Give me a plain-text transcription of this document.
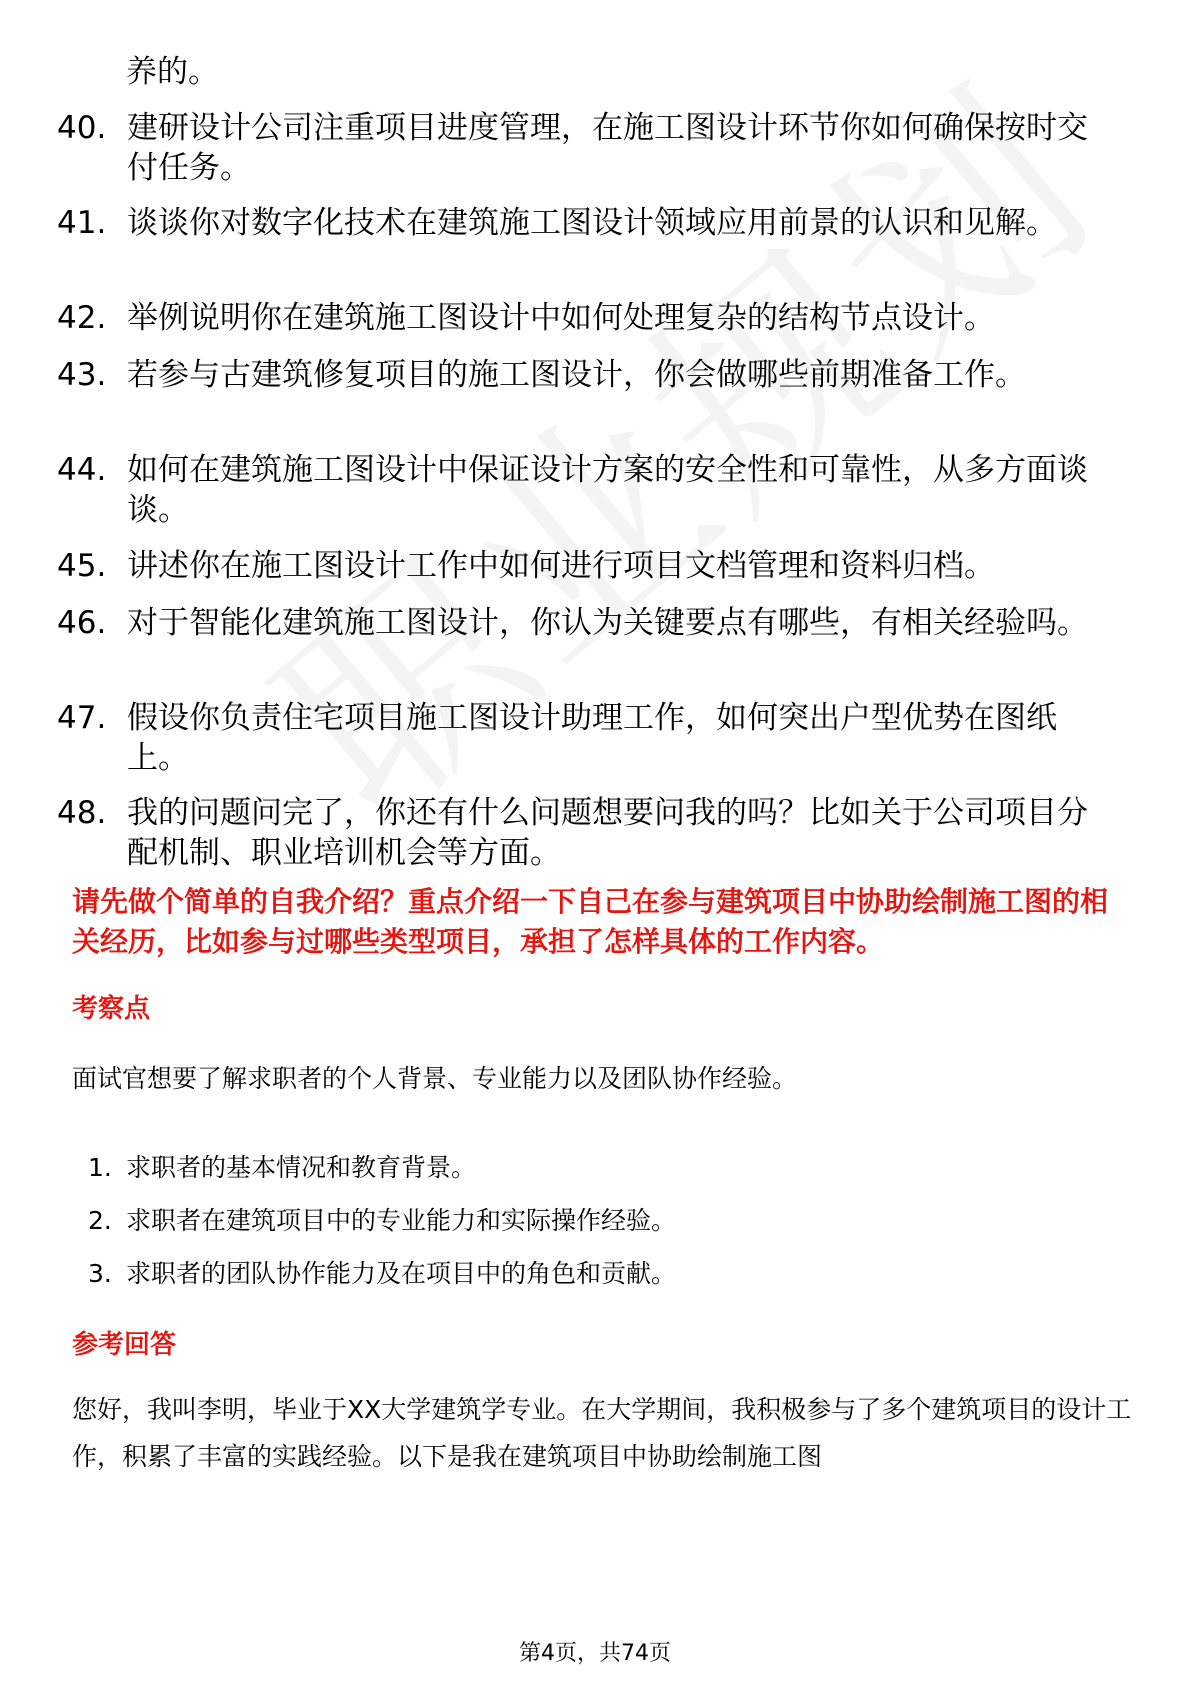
养的。
40. 建研设计公司注重项目进度管理，在施工图设计环节你如何确保按时交付任务。
41. 谈谈你对数字化技术在建筑施工图设计领域应用前景的认识和见解。
42. 举例说明你在建筑施工图设计中如何处理复杂的结构节点设计。
43. 若参与古建筑修复项目的施工图设计，你会做哪些前期准备工作。
44. 如何在建筑施工图设计中保证设计方案的安全性和可靠性，从多方面谈谈。
45. 讲述你在施工图设计工作中如何进行项目文档管理和资料归档。
46. 对于智能化建筑施工图设计，你认为关键要点有哪些，有相关经验吗。
47. 假设你负责住宅项目施工图设计助理工作，如何突出户型优势在图纸上。
48. 我的问题问完了，你还有什么问题想要问我的吗？比如关于公司项目分配机制、职业培训机会等方面。
请先做个简单的自我介绍？重点介绍一下自己在参与建筑项目中协助绘制施工图的相关经历，比如参与过哪些类型项目，承担了怎样具体的工作内容。
考察点
面试官想要了解求职者的个人背景、专业能力以及团队协作经验。
1. 求职者的基本情况和教育背景。
2. 求职者在建筑项目中的专业能力和实际操作经验。
3. 求职者的团队协作能力及在项目中的角色和贡献。
参考回答
您好，我叫李明，毕业于XX大学建筑学专业。在大学期间，我积极参与了多个建筑项目的设计工作，积累了丰富的实践经验。以下是我在建筑项目中协助绘制施工图
第4页，共74页
